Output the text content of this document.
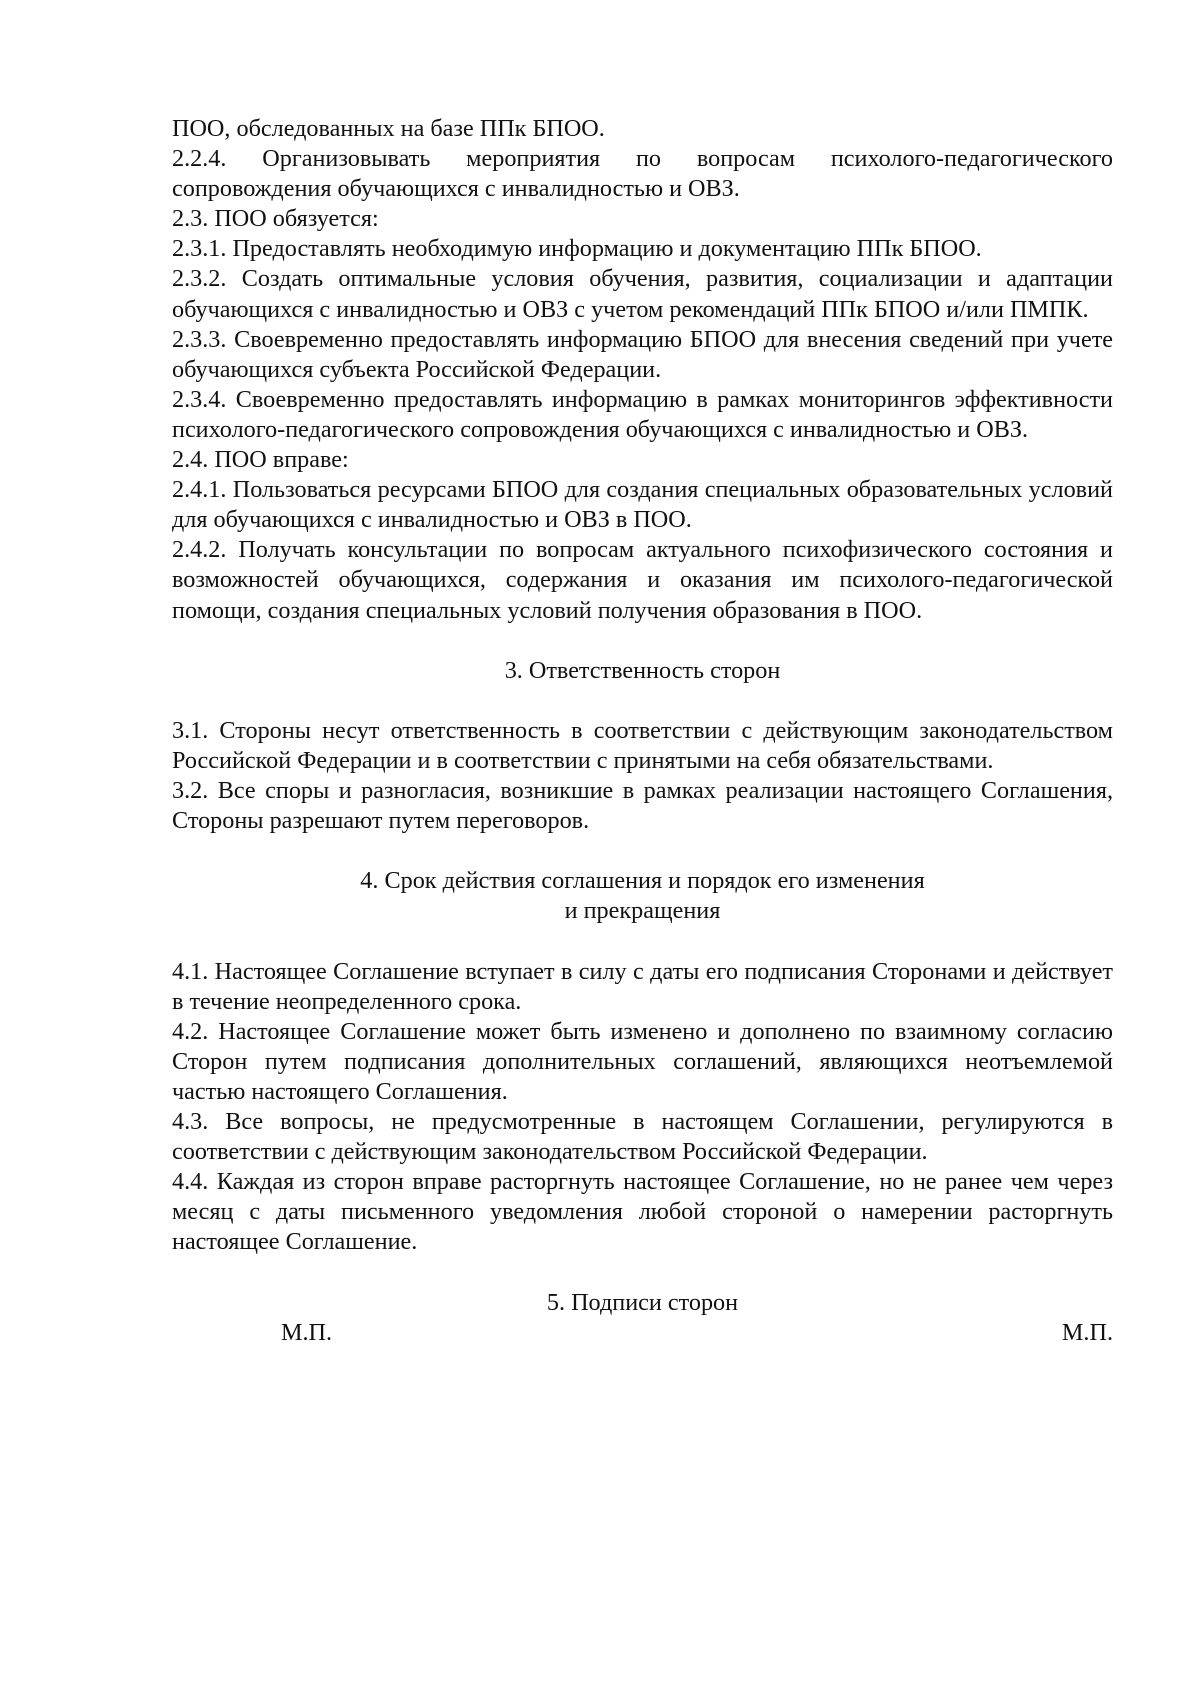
ПОО, обследованных на базе ППк БПОО.

2.2.4. Организовывать мероприятия по вопросам психолого-педагогического сопровождения обучающихся с инвалидностью и ОВЗ.

2.3. ПОО обязуется:

2.3.1. Предоставлять необходимую информацию и документацию ППк БПОО.

2.3.2. Создать оптимальные условия обучения, развития, социализации и адаптации обучающихся с инвалидностью и ОВЗ с учетом рекомендаций ППк БПОО и/или ПМПК.

2.3.3. Своевременно предоставлять информацию БПОО для внесения сведений при учете обучающихся субъекта Российской Федерации.

2.3.4. Своевременно предоставлять информацию в рамках мониторингов эффективности психолого-педагогического сопровождения обучающихся с инвалидностью и ОВЗ.

2.4. ПОО вправе:

2.4.1. Пользоваться ресурсами БПОО для создания специальных образовательных условий для обучающихся с инвалидностью и ОВЗ в ПОО.

2.4.2. Получать консультации по вопросам актуального психофизического состояния и возможностей обучающихся, содержания и оказания им психолого-педагогической помощи, создания специальных условий получения образования в ПОО.

3. Ответственность сторон

3.1. Стороны несут ответственность в соответствии с действующим законодательством Российской Федерации и в соответствии с принятыми на себя обязательствами.

3.2. Все споры и разногласия, возникшие в рамках реализации настоящего Соглашения, Стороны разрешают путем переговоров.

4. Срок действия соглашения и порядок его изменения

и прекращения

4.1. Настоящее Соглашение вступает в силу с даты его подписания Сторонами и действует в течение неопределенного срока.

4.2. Настоящее Соглашение может быть изменено и дополнено по взаимному согласию Сторон путем подписания дополнительных соглашений, являющихся неотъемлемой частью настоящего Соглашения.

4.3. Все вопросы, не предусмотренные в настоящем Соглашении, регулируются в соответствии с действующим законодательством Российской Федерации.

4.4. Каждая из сторон вправе расторгнуть настоящее Соглашение, но не ранее чем через месяц с даты письменного уведомления любой стороной о намерении расторгнуть настоящее Соглашение.

5. Подписи сторон

М.П.	М.П.
